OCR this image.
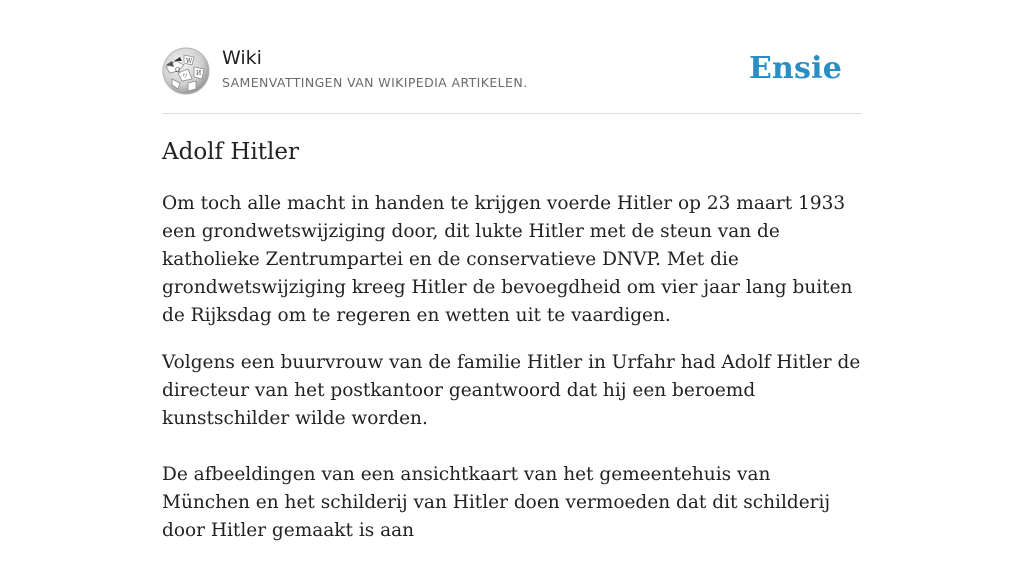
Ω
W
ワ И
Wiki
SAMENVATTINGEN VAN WIKIPEDIA ARTIKELEN.	Ensie
Adolf Hitler

Om toch alle macht in handen te krijgen voerde Hitler op 23 maart 1933 een grondwetswijziging door, dit lukte Hitler met de steun van de katholieke Zentrumpartei en de conservatieve DNVP. Met die grondwetswijziging kreeg Hitler de bevoegdheid om vier jaar lang buiten de Rijksdag om te regeren en wetten uit te vaardigen.

Volgens een buurvrouw van de familie Hitler in Urfahr had Adolf Hitler de directeur van het postkantoor geantwoord dat hij een beroemd kunstschilder wilde worden.

De afbeeldingen van een ansichtkaart van het gemeentehuis van München en het schilderij van Hitler doen vermoeden dat dit schilderij door Hitler gemaakt is aan
